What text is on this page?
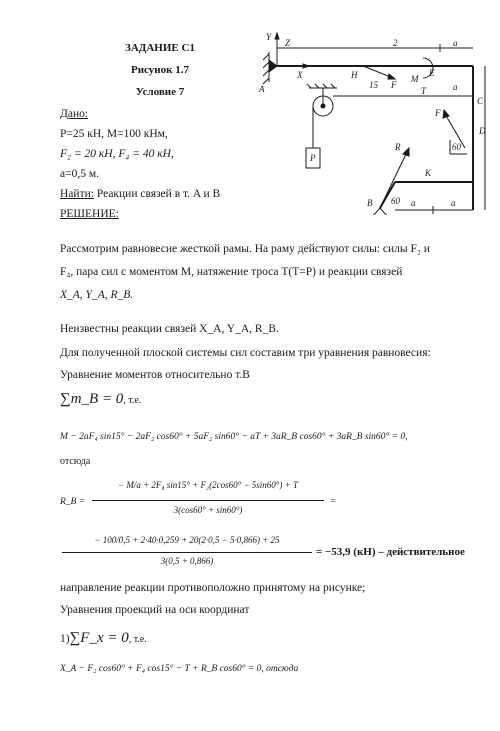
ЗАДАНИЕ С1
Рисунок 1.7
Условие 7
Дано:
P=25 кН, M=100 кНм,
F₂ = 20 кН, F₄ = 40 кН,
a=0,5 м.
Найти: Реакции связей в т. A и B
РЕШЕНИЕ:
Y
Z
X
A
2	a
H
15 F
M
E
T
C
F
a
D
60
P
R
K
B 60 a	a
Рассмотрим равновесие жесткой рамы. На раму действуют силы: силы F₂ и
F₄, пара сил с моментом M, натяжение троса T(T=P) и реакции связей
X_A, Y_A, R_B.
Неизвестны реакции связей X_A, Y_A, R_B.
Для полученной плоской системы сил составим три уравнения равновесия:
Уравнение моментов относительно т.B
∑m_B = 0, т.е.
M − 2aF₄ sin15° − 2aF₂ cos60° + 5aF₂ sin60° − aT + 3aR_B cos60° + 3aR_B sin60° = 0,
отсюда
R_B =
− M/a + 2F₄ sin15° + F₂(2cos60° − 5sin60°) + T
3(cos60° + sin60°)
=
− 100/0,5 + 2·40·0,259 + 20(2·0,5 − 5·0,866) + 25
3(0,5 + 0,866)
= −53,9 (кН) – действительное
направление реакции противоположно принятому на рисунке;
Уравнения проекций на оси координат
1)∑F_x = 0, т.е.
X_A − F₂ cos60° + F₄ cos15° − T + R_B cos60° = 0, отсюда
